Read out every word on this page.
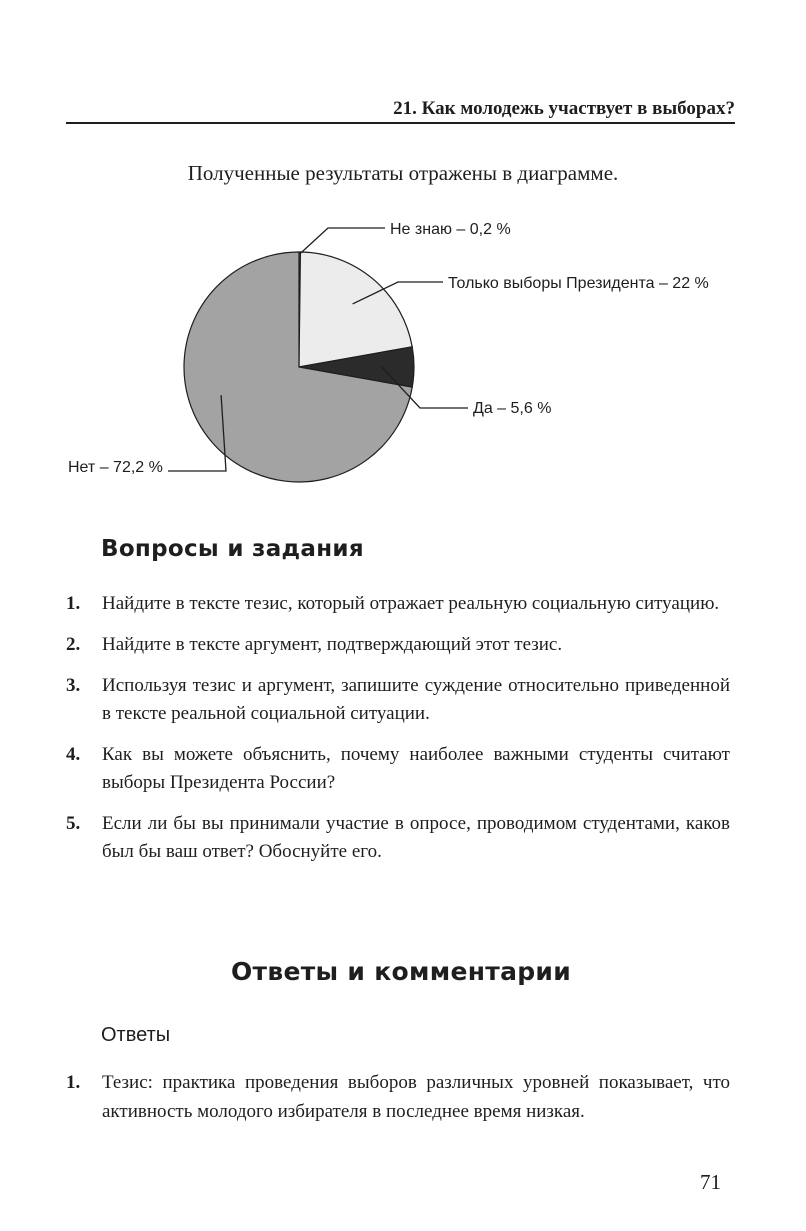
21. Как молодежь участвует в выборах?
Полученные результаты отражены в диаграмме.
Не знаю – 0,2 %
Только выборы Президента – 22 %
Да – 5,6 %
Нет – 72,2 %
Вопросы и задания
1. Найдите в тексте тезис, который отражает реальную социальную ситуацию.
2. Найдите в тексте аргумент, подтверждающий этот тезис.
3. Используя тезис и аргумент, запишите суждение относительно приведенной в тексте реальной социальной ситуации.
4. Как вы можете объяснить, почему наиболее важными студенты считают выборы Президента России?
5. Если ли бы вы принимали участие в опросе, проводимом студентами, каков был бы ваш ответ? Обоснуйте его.
Ответы и комментарии
Ответы
1. Тезис: практика проведения выборов различных уровней показывает, что активность молодого избирателя в последнее время низкая.
71
